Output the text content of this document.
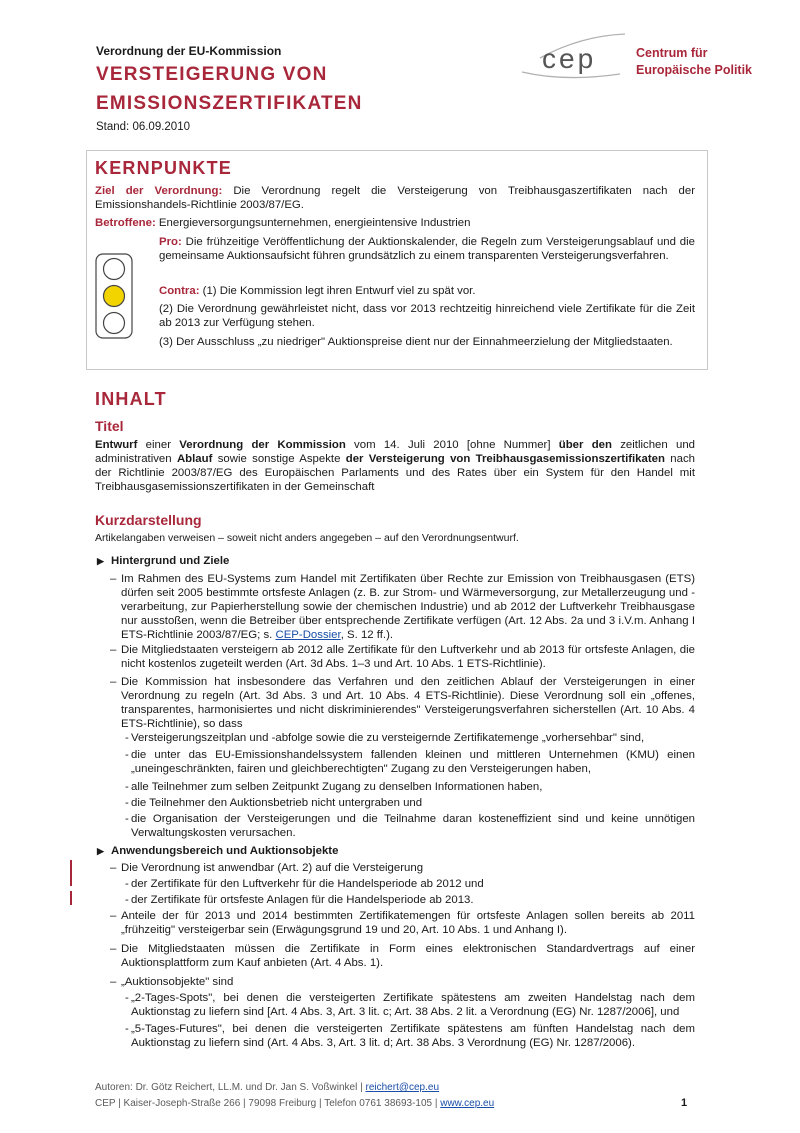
Verordnung der EU-Kommission
VERSTEIGERUNG VON
EMISSIONSZERTIFIKATEN
Stand: 06.09.2010
cep	Centrum für
Europäische Politik
KERNPUNKTE
Ziel der Verordnung: Die Verordnung regelt die Versteigerung von Treibhausgaszertifikaten nach der Emissionshandels-Richtlinie 2003/87/EG.
Betroffene: Energieversorgungsunternehmen, energieintensive Industrien
Pro: Die frühzeitige Veröffentlichung der Auktionskalender, die Regeln zum Versteigerungsablauf und die gemeinsame Auktionsaufsicht führen grundsätzlich zu einem transparenten Versteigerungsverfahren.
Contra: (1) Die Kommission legt ihren Entwurf viel zu spät vor.
(2) Die Verordnung gewährleistet nicht, dass vor 2013 rechtzeitig hinreichend viele Zertifikate für die Zeit ab 2013 zur Verfügung stehen.
(3) Der Ausschluss „zu niedriger" Auktionspreise dient nur der Einnahmeerzielung der Mitgliedstaaten.
INHALT
Titel
Entwurf einer Verordnung der Kommission vom 14. Juli 2010 [ohne Nummer] über den zeitlichen und administrativen Ablauf sowie sonstige Aspekte der Versteigerung von Treibhausgasemissionszertifikaten nach der Richtlinie 2003/87/EG des Europäischen Parlaments und des Rates über ein System für den Handel mit Treibhausgasemissionszertifikaten in der Gemeinschaft
Kurzdarstellung
Artikelangaben verweisen – soweit nicht anders angegeben – auf den Verordnungsentwurf.
▶ Hintergrund und Ziele
– Im Rahmen des EU-Systems zum Handel mit Zertifikaten über Rechte zur Emission von Treibhausgasen (ETS) dürfen seit 2005 bestimmte ortsfeste Anlagen (z. B. zur Strom- und Wärmeversorgung, zur Metallerzeugung und -verarbeitung, zur Papierherstellung sowie der chemischen Industrie) und ab 2012 der Luftverkehr Treibhausgase nur ausstoßen, wenn die Betreiber über entsprechende Zertifikate verfügen (Art. 12 Abs. 2a und 3 i.V.m. Anhang I ETS-Richtlinie 2003/87/EG; s. CEP-Dossier, S. 12 ff.).
– Die Mitgliedstaaten versteigern ab 2012 alle Zertifikate für den Luftverkehr und ab 2013 für ortsfeste Anlagen, die nicht kostenlos zugeteilt werden (Art. 3d Abs. 1–3 und Art. 10 Abs. 1 ETS-Richtlinie).
– Die Kommission hat insbesondere das Verfahren und den zeitlichen Ablauf der Versteigerungen in einer Verordnung zu regeln (Art. 3d Abs. 3 und Art. 10 Abs. 4 ETS-Richtlinie). Diese Verordnung soll ein „offenes, transparentes, harmonisiertes und nicht diskriminierendes" Versteigerungsverfahren sicherstellen (Art. 10 Abs. 4 ETS-Richtlinie), so dass
- Versteigerungszeitplan und -abfolge sowie die zu versteigernde Zertifikatemenge „vorhersehbar" sind,
- die unter das EU-Emissionshandelssystem fallenden kleinen und mittleren Unternehmen (KMU) einen „uneingeschränkten, fairen und gleichberechtigten" Zugang zu den Versteigerungen haben,
- alle Teilnehmer zum selben Zeitpunkt Zugang zu denselben Informationen haben,
- die Teilnehmer den Auktionsbetrieb nicht untergraben und
- die Organisation der Versteigerungen und die Teilnahme daran kosteneffizient sind und keine unnötigen Verwaltungskosten verursachen.
▶ Anwendungsbereich und Auktionsobjekte
– Die Verordnung ist anwendbar (Art. 2) auf die Versteigerung
- der Zertifikate für den Luftverkehr für die Handelsperiode ab 2012 und
- der Zertifikate für ortsfeste Anlagen für die Handelsperiode ab 2013.
– Anteile der für 2013 und 2014 bestimmten Zertifikatemengen für ortsfeste Anlagen sollen bereits ab 2011 „frühzeitig" versteigerbar sein (Erwägungsgrund 19 und 20, Art. 10 Abs. 1 und Anhang I).
– Die Mitgliedstaaten müssen die Zertifikate in Form eines elektronischen Standardvertrags auf einer Auktionsplattform zum Kauf anbieten (Art. 4 Abs. 1).
– „Auktionsobjekte" sind
- „2-Tages-Spots", bei denen die versteigerten Zertifikate spätestens am zweiten Handelstag nach dem Auktionstag zu liefern sind [Art. 4 Abs. 3, Art. 3 lit. c; Art. 38 Abs. 2 lit. a Verordnung (EG) Nr. 1287/2006], und
- „5-Tages-Futures", bei denen die versteigerten Zertifikate spätestens am fünften Handelstag nach dem Auktionstag zu liefern sind (Art. 4 Abs. 3, Art. 3 lit. d; Art. 38 Abs. 3 Verordnung (EG) Nr. 1287/2006).
Autoren: Dr. Götz Reichert, LL.M. und Dr. Jan S. Voßwinkel | reichert@cep.eu
CEP | Kaiser-Joseph-Straße 266 | 79098 Freiburg | Telefon 0761 38693-105 | www.cep.eu	1
